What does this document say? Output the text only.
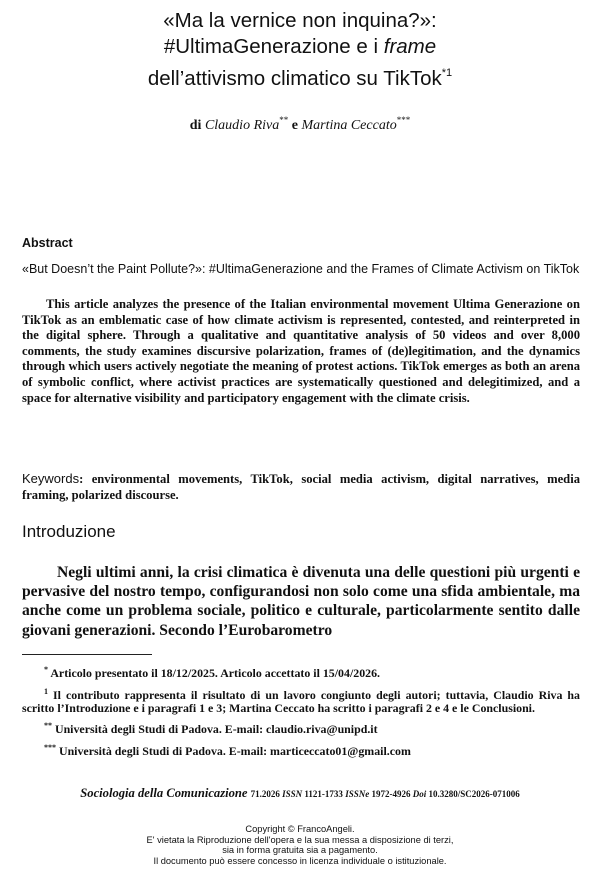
«Ma la vernice non inquina?»:
#UltimaGenerazione e i frame
dell’attivismo climatico su TikTok$^{*1}$
di Claudio Riva** e Martina Ceccato***
Abstract
«But Doesn’t the Paint Pollute?»: #UltimaGenerazione and the Frames of Climate Activism on TikTok
This article analyzes the presence of the Italian environmental movement Ultima Generazione on TikTok as an emblematic case of how climate activism is represented, contested, and reinterpreted in the digital sphere. Through a qualitative and quantitative analysis of 50 videos and over 8,000 comments, the study examines discursive polarization, frames of (de)legitimation, and the dynamics through which users actively negotiate the meaning of protest actions. TikTok emerges as both an arena of symbolic conflict, where activist practices are systematically questioned and delegitimized, and a space for alternative visibility and participatory engagement with the climate crisis.
Keywords: environmental movements, TikTok, social media activism, digital narratives, media framing, polarized discourse.
Introduzione
Negli ultimi anni, la crisi climatica è divenuta una delle questioni più urgenti e pervasive del nostro tempo, configurandosi non solo come una sfida ambientale, ma anche come un problema sociale, politico e culturale, particolarmente sentito dalle giovani generazioni. Secondo l’Eurobarometro
* Articolo presentato il 18/12/2025. Articolo accettato il 15/04/2026.
$^1$ Il contributo rappresenta il risultato di un lavoro congiunto degli autori; tuttavia, Claudio Riva ha scritto l’Introduzione e i paragrafi 1 e 3; Martina Ceccato ha scritto i paragrafi 2 e 4 e le Conclusioni.
** Università degli Studi di Padova. E-mail: claudio.riva@unipd.it
*** Università degli Studi di Padova. E-mail: marticeccato01@gmail.com
Sociologia della Comunicazione 71.2026 ISSN 1121-1733 ISSNe 1972-4926 Doi 10.3280/SC2026-071006
Copyright © FrancoAngeli.
E' vietata la Riproduzione dell'opera e la sua messa a disposizione di terzi,
sia in forma gratuita sia a pagamento.
Il documento può essere concesso in licenza individuale o istituzionale.
